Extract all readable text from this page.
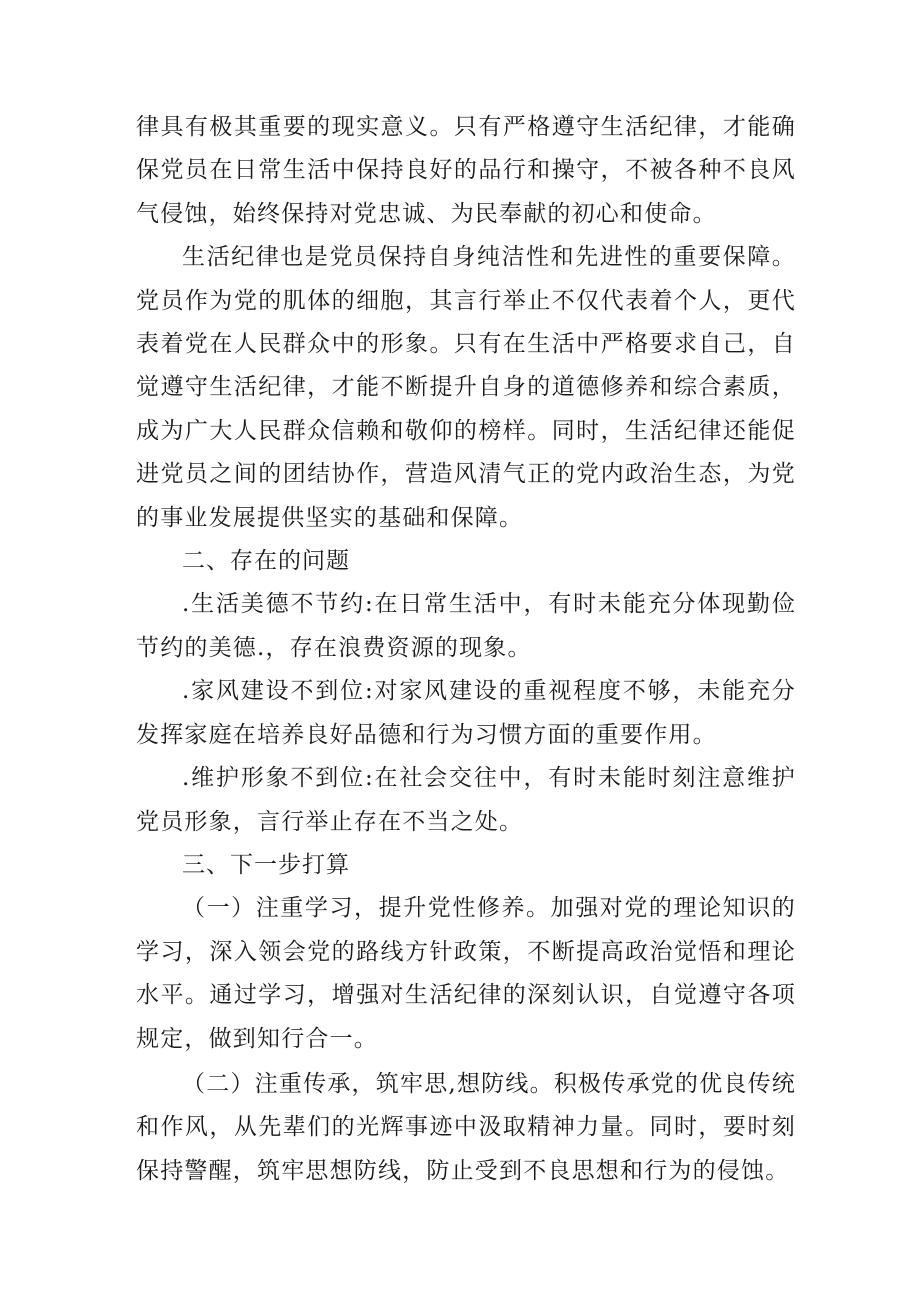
律具有极其重要的现实意义。只有严格遵守生活纪律，才能确保党员在日常生活中保持良好的品行和操守，不被各种不良风气侵蚀，始终保持对党忠诚、为民奉献的初心和使命。

生活纪律也是党员保持自身纯洁性和先进性的重要保障。党员作为党的肌体的细胞，其言行举止不仅代表着个人，更代表着党在人民群众中的形象。只有在生活中严格要求自己，自觉遵守生活纪律，才能不断提升自身的道德修养和综合素质，成为广大人民群众信赖和敬仰的榜样。同时，生活纪律还能促进党员之间的团结协作，营造风清气正的党内政治生态，为党的事业发展提供坚实的基础和保障。

二、存在的问题

.生活美德不节约:在日常生活中，有时未能充分体现勤俭节约的美德.，存在浪费资源的现象。

.家风建设不到位:对家风建设的重视程度不够，未能充分发挥家庭在培养良好品德和行为习惯方面的重要作用。

.维护形象不到位:在社会交往中，有时未能时刻注意维护党员形象，言行举止存在不当之处。

三、下一步打算

（一）注重学习，提升党性修养。加强对党的理论知识的学习，深入领会党的路线方针政策，不断提高政治觉悟和理论水平。通过学习，增强对生活纪律的深刻认识，自觉遵守各项规定，做到知行合一。

（二）注重传承，筑牢思,想防线。积极传承党的优良传统和作风，从先辈们的光辉事迹中汲取精神力量。同时，要时刻保持警醒，筑牢思想防线，防止受到不良思想和行为的侵蚀。
